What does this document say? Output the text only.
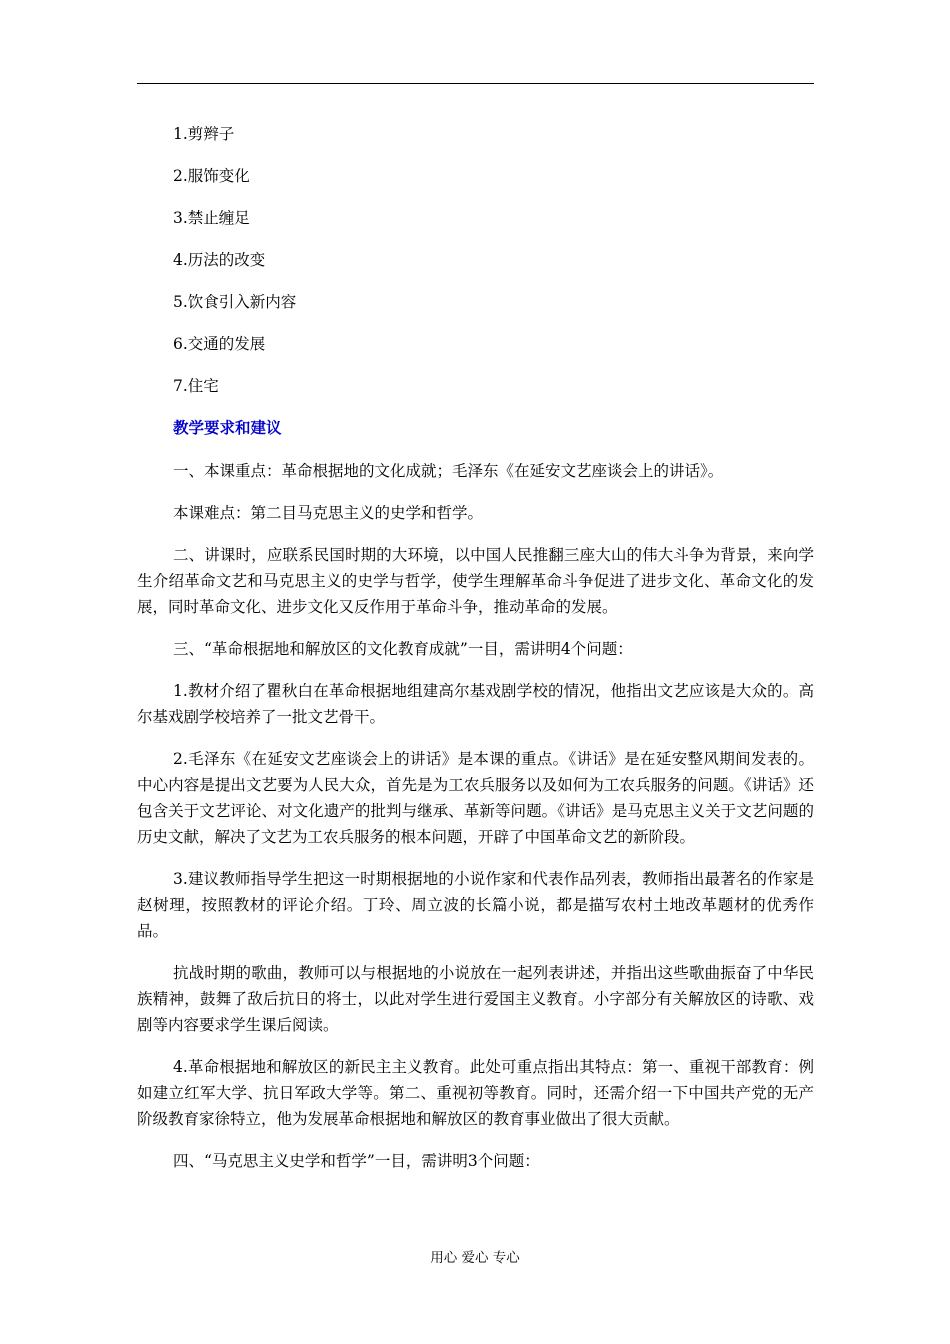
1.剪辫子
2.服饰变化
3.禁止缠足
4.历法的改变
5.饮食引入新内容
6.交通的发展
7.住宅
教学要求和建议

一、本课重点：革命根据地的文化成就；毛泽东《在延安文艺座谈会上的讲话》。

本课难点：第二目马克思主义的史学和哲学。

二、讲课时，应联系民国时期的大环境，以中国人民推翻三座大山的伟大斗争为背景，来向学生介绍革命文艺和马克思主义的史学与哲学，使学生理解革命斗争促进了进步文化、革命文化的发展，同时革命文化、进步文化又反作用于革命斗争，推动革命的发展。

三、“革命根据地和解放区的文化教育成就”一目，需讲明4个问题：

1.教材介绍了瞿秋白在革命根据地组建高尔基戏剧学校的情况，他指出文艺应该是大众的。高尔基戏剧学校培养了一批文艺骨干。

2.毛泽东《在延安文艺座谈会上的讲话》是本课的重点。《讲话》是在延安整风期间发表的。中心内容是提出文艺要为人民大众，首先是为工农兵服务以及如何为工农兵服务的问题。《讲话》还包含关于文艺评论、对文化遗产的批判与继承、革新等问题。《讲话》是马克思主义关于文艺问题的历史文献，解决了文艺为工农兵服务的根本问题，开辟了中国革命文艺的新阶段。

3.建议教师指导学生把这一时期根据地的小说作家和代表作品列表，教师指出最著名的作家是赵树理，按照教材的评论介绍。丁玲、周立波的长篇小说，都是描写农村土地改革题材的优秀作品。

抗战时期的歌曲，教师可以与根据地的小说放在一起列表讲述，并指出这些歌曲振奋了中华民族精神，鼓舞了敌后抗日的将士，以此对学生进行爱国主义教育。小字部分有关解放区的诗歌、戏剧等内容要求学生课后阅读。

4.革命根据地和解放区的新民主主义教育。此处可重点指出其特点：第一、重视干部教育：例如建立红军大学、抗日军政大学等。第二、重视初等教育。同时，还需介绍一下中国共产党的无产阶级教育家徐特立，他为发展革命根据地和解放区的教育事业做出了很大贡献。

四、“马克思主义史学和哲学”一目，需讲明3个问题：

用心 爱心 专心
